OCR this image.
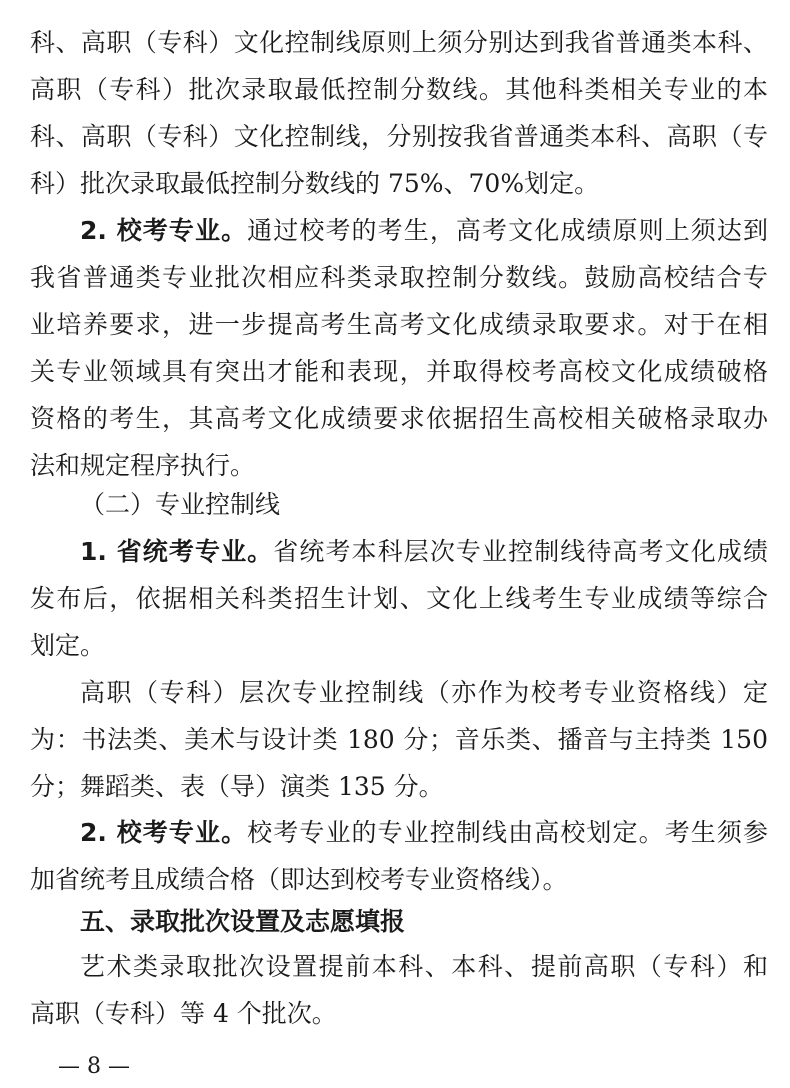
科、高职（专科）文化控制线原则上须分别达到我省普通类本科、
高职（专科）批次录取最低控制分数线。其他科类相关专业的本
科、高职（专科）文化控制线，分别按我省普通类本科、高职（专
科）批次录取最低控制分数线的 75%、70%划定。
2. 校考专业。通过校考的考生，高考文化成绩原则上须达到
我省普通类专业批次相应科类录取控制分数线。鼓励高校结合专
业培养要求，进一步提高考生高考文化成绩录取要求。对于在相
关专业领域具有突出才能和表现，并取得校考高校文化成绩破格
资格的考生，其高考文化成绩要求依据招生高校相关破格录取办
法和规定程序执行。
（二）专业控制线
1. 省统考专业。省统考本科层次专业控制线待高考文化成绩
发布后，依据相关科类招生计划、文化上线考生专业成绩等综合
划定。
高职（专科）层次专业控制线（亦作为校考专业资格线）定
为：书法类、美术与设计类 180 分；音乐类、播音与主持类 150
分；舞蹈类、表（导）演类 135 分。
2. 校考专业。校考专业的专业控制线由高校划定。考生须参
加省统考且成绩合格（即达到校考专业资格线）。
五、录取批次设置及志愿填报
艺术类录取批次设置提前本科、本科、提前高职（专科）和
高职（专科）等 4 个批次。
— 8 —
